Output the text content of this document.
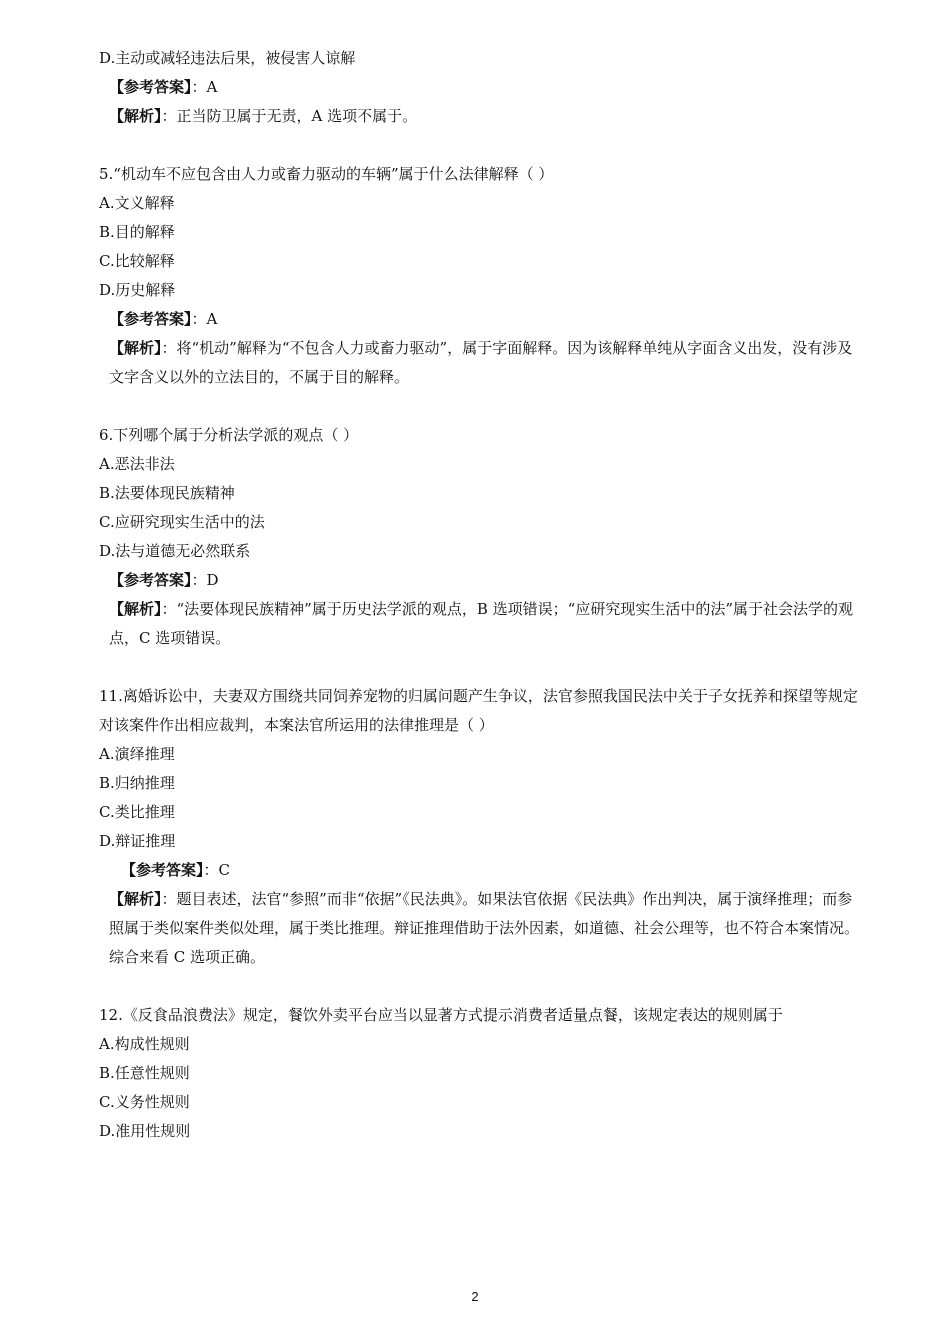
D.主动或减轻违法后果，被侵害人谅解
【参考答案】：A
【解析】：正当防卫属于无责，A 选项不属于。
5.“机动车不应包含由人力或畜力驱动的车辆”属于什么法律解释（ ）
A.文义解释
B.目的解释
C.比较解释
D.历史解释
【参考答案】：A
【解析】：将“机动”解释为“不包含人力或畜力驱动”，属于字面解释。因为该解释单纯从字面含义出发，没有涉及文字含义以外的立法目的，不属于目的解释。
6.下列哪个属于分析法学派的观点（ ）
A.恶法非法
B.法要体现民族精神
C.应研究现实生活中的法
D.法与道德无必然联系
【参考答案】：D
【解析】：“法要体现民族精神”属于历史法学派的观点，B 选项错误；“应研究现实生活中的法”属于社会法学的观点，C 选项错误。
11.离婚诉讼中，夫妻双方围绕共同饲养宠物的归属问题产生争议，法官参照我国民法中关于子女抚养和探望等规定对该案件作出相应裁判，本案法官所运用的法律推理是（ ）
A.演绎推理
B.归纳推理
C.类比推理
D.辩证推理
【参考答案】：C
【解析】：题目表述，法官“参照”而非“依据”《民法典》。如果法官依据《民法典》作出判决，属于演绎推理；而参照属于类似案件类似处理，属于类比推理。辩证推理借助于法外因素，如道德、社会公理等，也不符合本案情况。综合来看 C 选项正确。
12.《反食品浪费法》规定，餐饮外卖平台应当以显著方式提示消费者适量点餐，该规定表达的规则属于
A.构成性规则
B.任意性规则
C.义务性规则
D.准用性规则
2
